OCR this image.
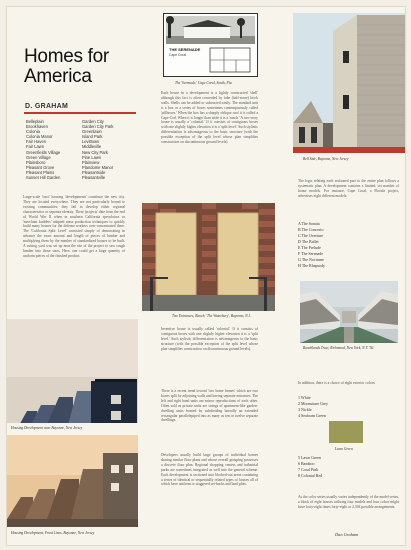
Homes for
America
D. GRAHAM
Belleplain
Brookhaven
Colonia
Colonia Manor
Fair Haven
Fair Lawn
Greenfields Village
Green Village
Plainsboro
Pleasant Grove
Pleasant Plains
Sunset Hill Garden
Garden City
Garden City Park
Greenlawn
Island Park
Levittown
Middleville
New City Park
Pine Lawn
Plainview
Plandome Manor
Pleasantside
Pleasantville
Large-scale 'tract' housing 'developments' constitute the new city. They are located everywhere. They are not particularly bound to existing communities; they fail to develop either regional characteristics or separate identity. These 'projects' date from the end of World War II when in southern California speculators or 'merchant builders' adapted mass production techniques to quickly build many houses for the defense workers over-concentrated there. The 'California Split Level' consisted simply of demarcating in advance the exact amount and length of pieces of lumber and multiplying them by the number of standardized houses to be built. A cutting yard was set up near the site of the project to saw rough lumber into those sizes. Here, one could get a large quantity of uniform pieces of the finished product.
Housing Development near Bayonne, New Jersey
Housing Development, Front Lines, Bayonne, New Jersey
THE SERENADE
Cape Coral
The 'Serenade,' Cape Coral, South, Fla.
Each house in a development is a lightly constructed 'shell' although this fact is often concealed by fake (half-stone) brick walls. Shells can be added or subtracted easily. The standard unit is a box or a series of boxes sometimes contemptuously called 'pillboxes.' When the box has a sharply oblique roof it is called a Cape Cod. When it is longer than wide it is a 'ranch.' A two-story house is usually a 'colonial.' If it consists of contiguous boxes with one slightly higher elevation it is a 'split level.' Such stylistic differentiation is advantageous to the basic structure (with the possible exception of the split level whose plan simplifies construction on discontinuous ground levels).
Two Entrances, Ranch, 'The Waterbury', Bayonne, N.J.
Inventive house is usually called 'colonial.' If it consists of contiguous boxes with one slightly higher elevation it is a 'split level.' Such stylistic differentiation is advantageous to the basic structure (with the possible exception of the split level whose plan simplifies construction on discontinuous ground levels).
There is a recent trend toward 'two home homes' which are two boxes split by adjoining walls and having separate entrances. The left and right hand units are mirror reproductions of each other. Often sold as private units are strings of apartment-like garden-dwelling units formed by subdividing laterally an extended rectangular parallelepiped into as many as ten or twelve separate dwellings.
Developers usually build large groups of individual homes sharing similar floor plans and whose overall grouping possesses a discrete floor plan. Regional shopping centers and industrial parks are sometimes integrated as well into the general scheme. Each development is sectioned into blocked-out areas containing a series of identical or sequentially related types of houses all of which have uniform or staggered set-backs and land plots.
Bell Side, Bayonne, New Jersey
The logic relating each sectioned part to the entire plan follows a systematic plan. A development contains a limited, set number of house models. For instance, Cape Coral, a Florida project, advertises eight different models:
A The Sonata
B The Concerto
C The Overture
D The Ballet
E The Prelude
F The Serenade
G The Nocturne
H The Rhapsody
Ranchlands Tract, Richmond, New York, N.Y. '56
In addition, there is a choice of eight exterior colors:
1 White
2 Moonstone Grey
3 Nickle
4 Seafoam Green
Lawn Green
5 Lawn Green
6 Bamboo
7 Coral Pink
8 Colonial Red
As the color series usually varies independently of the model series, a block of eight houses utilizing four models and four colors might have forty-eight times forty-eight or 2,304 possible arrangements.
Dan Graham
